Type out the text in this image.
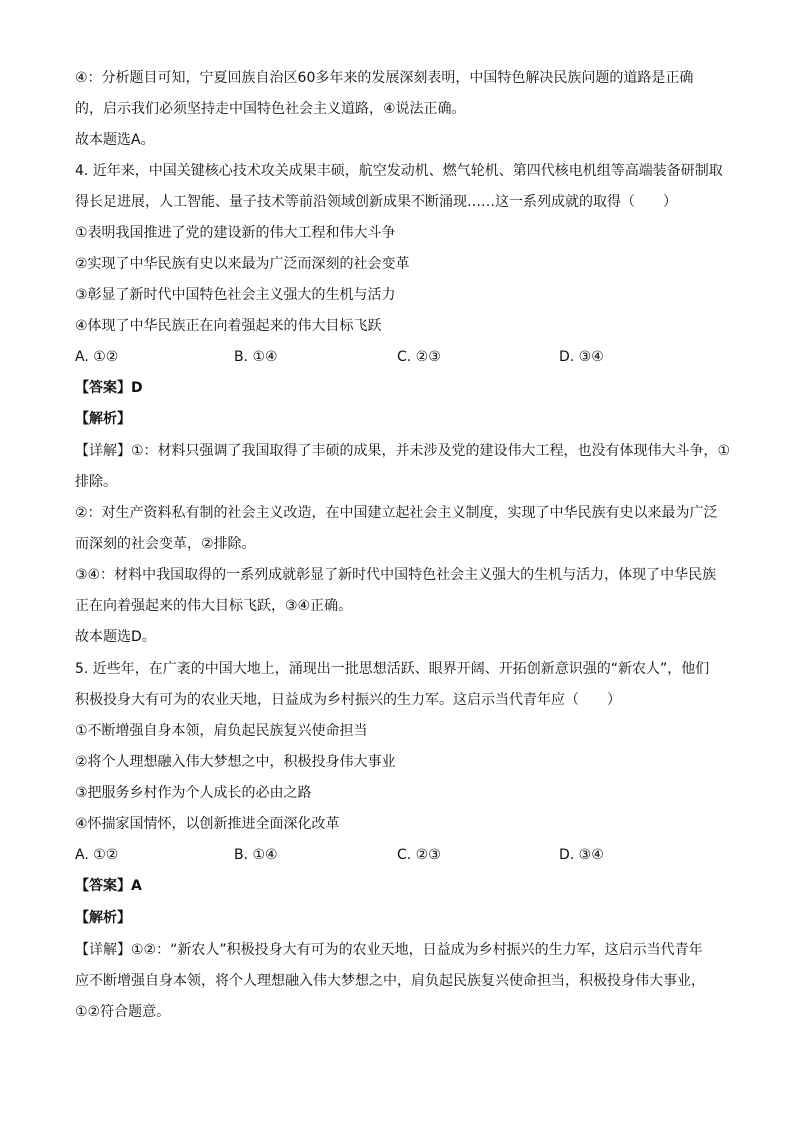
④：分析题目可知，宁夏回族自治区60多年来的发展深刻表明，中国特色解决民族问题的道路是正确
的，启示我们必须坚持走中国特色社会主义道路，④说法正确。
故本题选A。
4. 近年来，中国关键核心技术攻关成果丰硕，航空发动机、燃气轮机、第四代核电机组等高端装备研制取
得长足进展，人工智能、量子技术等前沿领域创新成果不断涌现……这一系列成就的取得（　　）
①表明我国推进了党的建设新的伟大工程和伟大斗争
②实现了中华民族有史以来最为广泛而深刻的社会变革
③彰显了新时代中国特色社会主义强大的生机与活力
④体现了中华民族正在向着强起来的伟大目标飞跃
A. ①②	B. ①④	C. ②③	D. ③④
【答案】D
【解析】
【详解】①：材料只强调了我国取得了丰硕的成果，并未涉及党的建设伟大工程，也没有体现伟大斗争，①
排除。
②：对生产资料私有制的社会主义改造，在中国建立起社会主义制度，实现了中华民族有史以来最为广泛
而深刻的社会变革，②排除。
③④：材料中我国取得的一系列成就彰显了新时代中国特色社会主义强大的生机与活力，体现了中华民族
正在向着强起来的伟大目标飞跃，③④正确。
故本题选D。
5. 近些年，在广袤的中国大地上，涌现出一批思想活跃、眼界开阔、开拓创新意识强的“新农人”，他们
积极投身大有可为的农业天地，日益成为乡村振兴的生力军。这启示当代青年应（　　）
①不断增强自身本领，肩负起民族复兴使命担当
②将个人理想融入伟大梦想之中，积极投身伟大事业
③把服务乡村作为个人成长的必由之路
④怀揣家国情怀，以创新推进全面深化改革
A. ①②	B. ①④	C. ②③	D. ③④
【答案】A
【解析】
【详解】①②：“新农人”积极投身大有可为的农业天地，日益成为乡村振兴的生力军，这启示当代青年
应不断增强自身本领，将个人理想融入伟大梦想之中，肩负起民族复兴使命担当，积极投身伟大事业，
①②符合题意。
